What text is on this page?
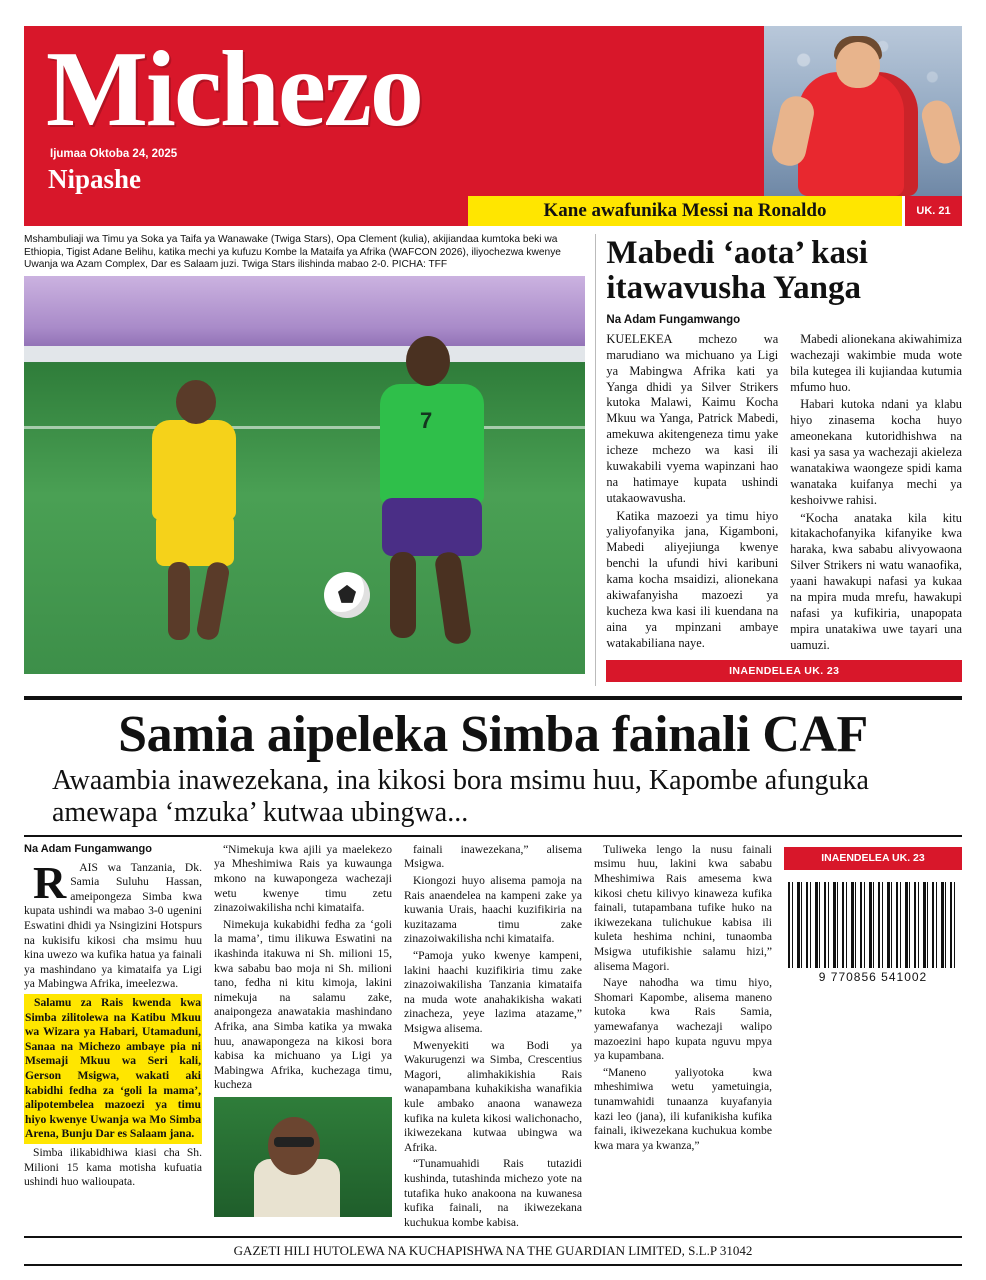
Michezo
Ijumaa Oktoba 24, 2025
Nipashe
Kane awafunika Messi na Ronaldo	UK. 21
Mshambuliaji wa Timu ya Soka ya Taifa ya Wanawake (Twiga Stars), Opa Clement (kulia), akijiandaa kumtoka beki wa Ethiopia, Tigist Adane Belihu, katika mechi ya kufuzu Kombe la Mataifa ya Afrika (WAFCON 2026), iliyochezwa kwenye Uwanja wa Azam Complex, Dar es Salaam juzi. Twiga Stars ilishinda mabao 2-0. PICHA: TFF
7
Mabedi ‘aota’ kasi itawavusha Yanga
Na Adam Fungamwango

KUELEKEA mchezo wa marudiano wa michuano ya Ligi ya Mabingwa Afrika kati ya Yanga dhidi ya Silver Strikers kutoka Malawi, Kaimu Kocha Mkuu wa Yanga, Patrick Mabedi, amekuwa akitengeneza timu yake icheze mchezo wa kasi ili kuwakabili vyema wapinzani hao na hatimaye kupata ushindi utakaowavusha.

Katika mazoezi ya timu hiyo yaliyofanyika jana, Kigamboni, Mabedi aliyejiunga kwenye benchi la ufundi hivi karibuni kama kocha msaidizi, alionekana akiwafanyisha mazoezi ya kucheza kwa kasi ili kuendana na aina ya mpinzani ambaye watakabiliana naye.

Mabedi alionekana akiwahimiza wachezaji wakimbie muda wote bila kutegea ili kujiandaa kutumia mfumo huo.

Habari kutoka ndani ya klabu hiyo zinasema kocha huyo ameonekana kutoridhishwa na kasi ya sasa ya wachezaji akieleza wanatakiwa waongeze spidi kama wanataka kuifanya mechi ya keshoivwe rahisi.

“Kocha anataka kila kitu kitakachofanyika kifanyike kwa haraka, kwa sababu alivyowaona Silver Strikers ni watu wanaofika, yaani hawakupi nafasi ya kukaa na mpira muda mrefu, hawakupi nafasi ya kufikiria, unapopata mpira unatakiwa uwe tayari una uamuzi.

INAENDELEA UK. 23
Samia aipeleka Simba fainali CAF
Awaambia inawezekana, ina kikosi bora msimu huu, Kapombe afunguka amewapa ‘mzuka’ kutwaa ubingwa...
Na Adam Fungamwango

RAIS wa Tanzania, Dk. Samia Suluhu Hassan, ameipongeza Simba kwa kupata ushindi wa mabao 3-0 ugenini Eswatini dhidi ya Nsingizini Hotspurs na kukisifu kikosi cha msimu huu kina uwezo wa kufika hatua ya fainali ya mashindano ya kimataifa ya Ligi ya Mabingwa Afrika, imeelezwa.

Salamu za Rais kwenda kwa Simba zilitolewa na Katibu Mkuu wa Wizara ya Habari, Utamaduni, Sanaa na Michezo ambaye pia ni Msemaji Mkuu wa Seri kali, Gerson Msigwa, wakati aki kabidhi fedha za ‘goli la mama’, alipotembelea mazoezi ya timu hiyo kwenye Uwanja wa Mo Simba Arena, Bunju Dar es Salaam jana.

Simba ilikabidhiwa kiasi cha Sh. Milioni 15 kama motisha kufuatia ushindi huo walioupata.

“Nimekuja kwa ajili ya maelekezo ya Mheshimiwa Rais ya kuwaunga mkono na kuwapongeza wachezaji wetu kwenye timu zetu zinazoiwakilisha nchi kimataifa.

Nimekuja kukabidhi fedha za ‘goli la mama’, timu ilikuwa Eswatini na ikashinda itakuwa ni Sh. milioni 15, kwa sababu bao moja ni Sh. milioni tano, fedha ni kitu kimoja, lakini nimekuja na salamu zake, anaipongeza anawatakia mashindano Afrika, ana Simba katika ya mwaka huu, anawapongeza na kikosi bora kabisa ka michuano ya Ligi ya Mabingwa Afrika, kuchezaga timu, kucheza

fainali inawezekana,” alisema Msigwa.

Kiongozi huyo alisema pamoja na Rais anaendelea na kampeni zake ya kuwania Urais, haachi kuzifikiria na kuzitazama timu zake zinazoiwakilisha nchi kimataifa.

“Pamoja yuko kwenye kampeni, lakini haachi kuzifikiria timu zake zinazoiwakilisha Tanzania kimataifa na muda wote anahakikisha wakati zinacheza, yeye lazima atazame,” Msigwa alisema.

Mwenyekiti wa Bodi ya Wakurugenzi wa Simba, Crescentius Magori, alimhakikishia Rais wanapambana kuhakikisha wanafikia kule ambako anaona wanaweza kufika na kuleta kikosi walichonacho, ikiwezekana kutwaa ubingwa wa Afrika.

“Tunamuahidi Rais tutazidi kushinda, tutashinda michezo yote na tutafika huko anakoona na kuwanesa kufika fainali, na ikiwezekana kuchukua kombe kabisa.

Tuliweka lengo la nusu fainali msimu huu, lakini kwa sababu Mheshimiwa Rais amesema kwa kikosi chetu kilivyo kinaweza kufika fainali, tutapambana tufike huko na ikiwezekana tulichukue kabisa ili kuleta heshima nchini, tunaomba Msigwa utufikishie salamu hizi,” alisema Magori.

Naye nahodha wa timu hiyo, Shomari Kapombe, alisema maneno kutoka kwa Rais Samia, yamewafanya wachezaji walipo mazoezini hapo kupata nguvu mpya ya kupambana.

“Maneno yaliyotoka kwa mheshimiwa wetu yametuingia, tunamwahidi tunaanza kuyafanyia kazi leo (jana), ili kufanikisha kufika fainali, ikiwezekana kuchukua kombe kwa mara ya kwanza,”

INAENDELEA UK. 23
9 770856 541002
GAZETI HILI HUTOLEWA NA KUCHAPISHWA NA THE GUARDIAN LIMITED, S.L.P 31042
